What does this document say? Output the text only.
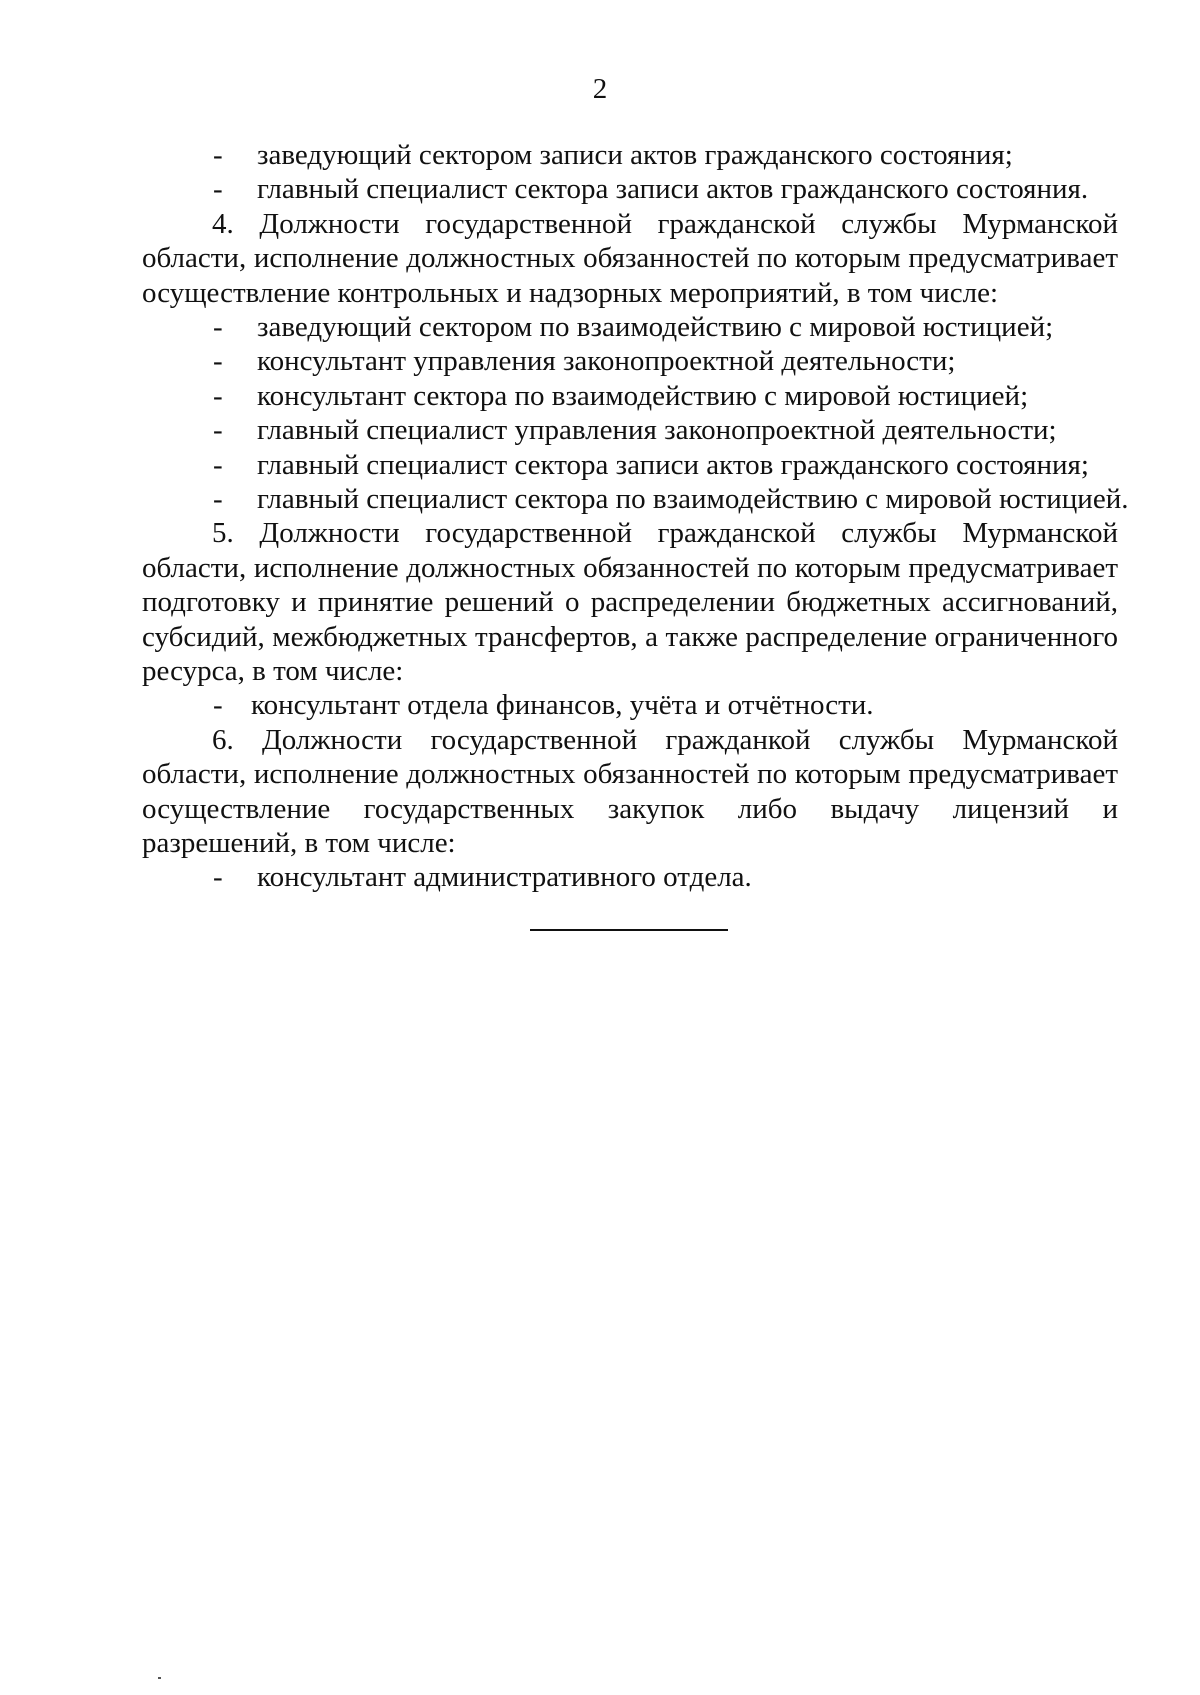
2
- заведующий сектором записи актов гражданского состояния;
- главный специалист сектора записи актов гражданского состояния.

4. Должности государственной гражданской службы Мурманской области, исполнение должностных обязанностей по которым предусматривает осуществление контрольных и надзорных мероприятий, в том числе:

- заведующий сектором по взаимодействию с мировой юстицией;
- консультант управления законопроектной деятельности;
- консультант сектора по взаимодействию с мировой юстицией;
- главный специалист управления законопроектной деятельности;
- главный специалист сектора записи актов гражданского состояния;
- главный специалист сектора по взаимодействию с мировой юстицией.

5. Должности государственной гражданской службы Мурманской области, исполнение должностных обязанностей по которым предусматривает подготовку и принятие решений о распределении бюджетных ассигнований, субсидий, межбюджетных трансфертов, а также распределение ограниченного ресурса, в том числе:

- консультант отдела финансов, учёта и отчётности.

6. Должности государственной гражданкой службы Мурманской области, исполнение должностных обязанностей по которым предусматривает осуществление государственных закупок либо выдачу лицензий и разрешений, в том числе:

- консультант административного отдела.
